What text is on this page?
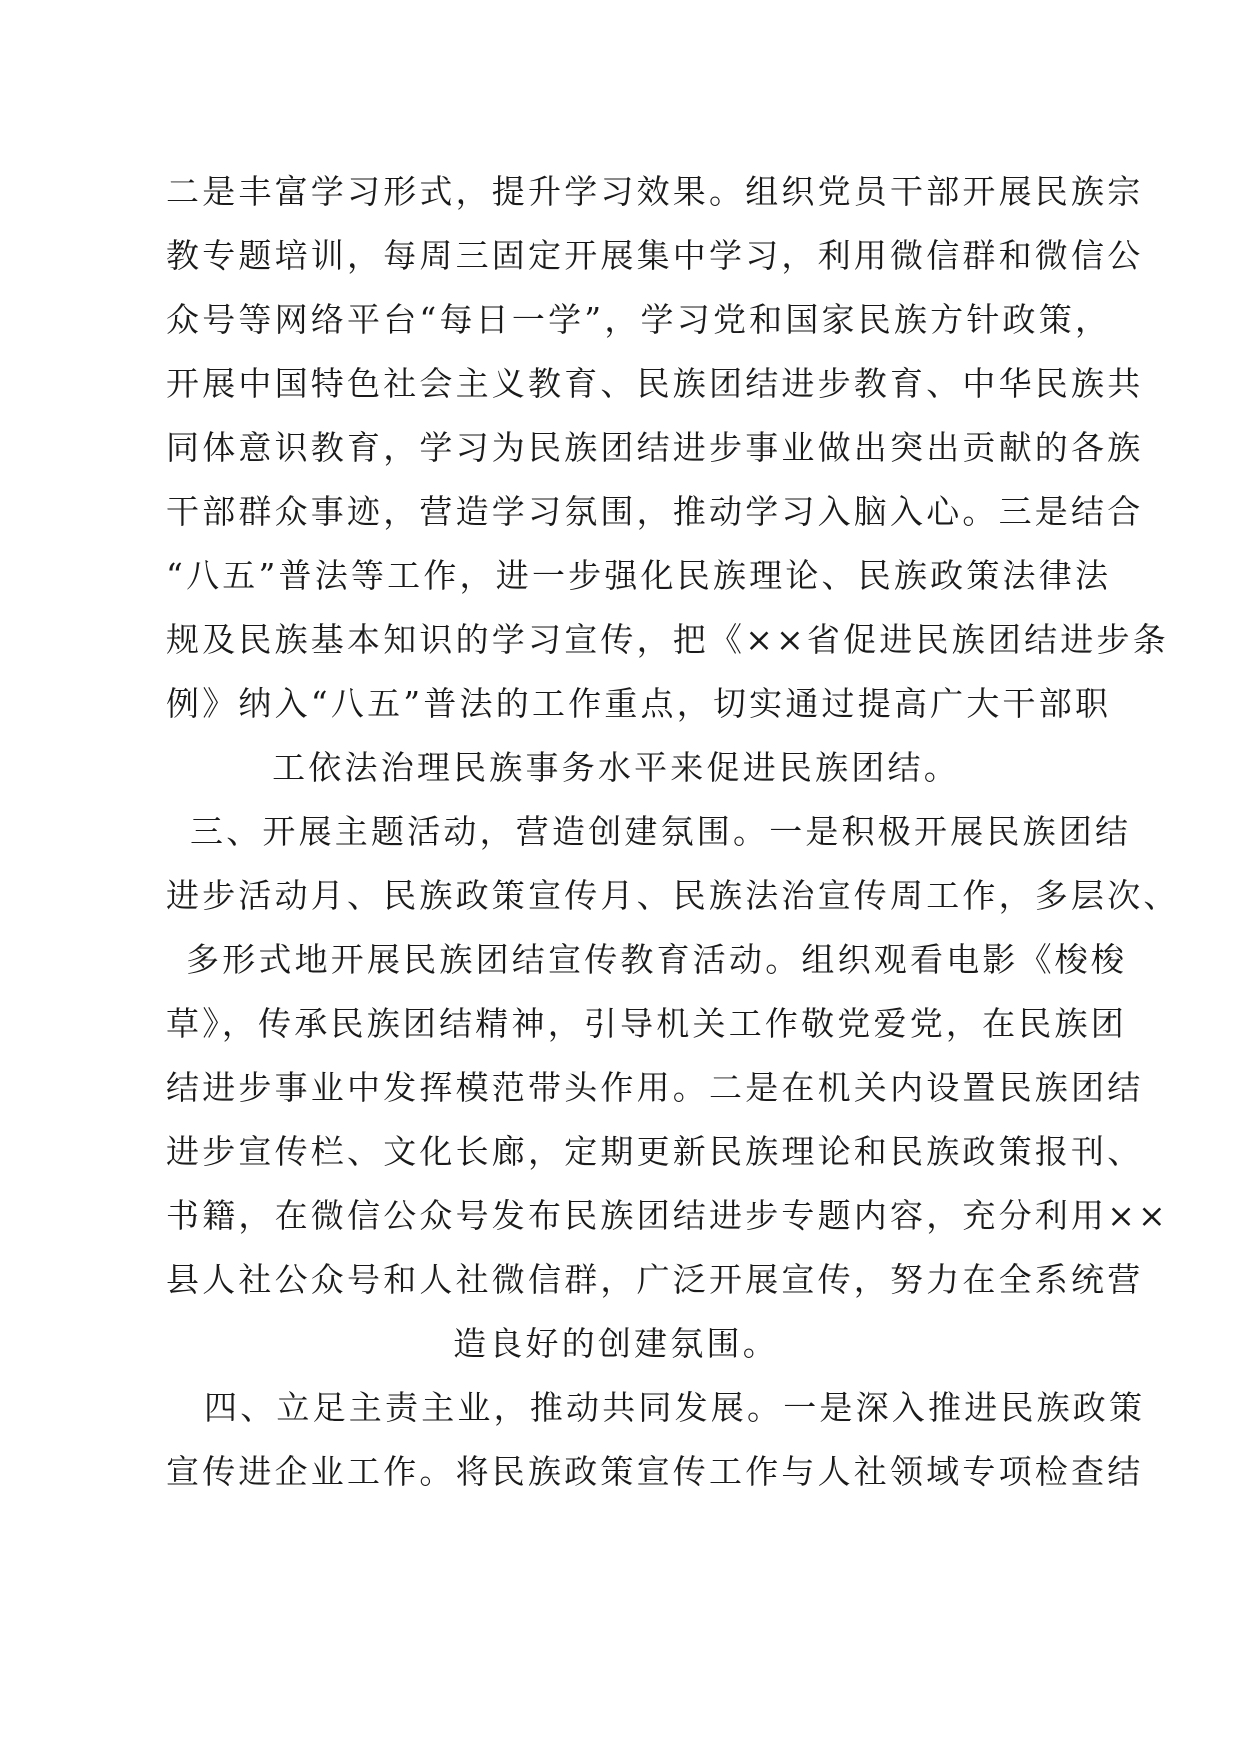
二是丰富学习形式，提升学习效果。组织党员干部开展民族宗
教专题培训，每周三固定开展集中学习，利用微信群和微信公
众号等网络平台“每日一学”，学习党和国家民族方针政策，
开展中国特色社会主义教育、民族团结进步教育、中华民族共
同体意识教育，学习为民族团结进步事业做出突出贡献的各族
干部群众事迹，营造学习氛围，推动学习入脑入心。三是结合
“八五”普法等工作，进一步强化民族理论、民族政策法律法
规及民族基本知识的学习宣传，把《××省促进民族团结进步条
例》纳入“八五”普法的工作重点，切实通过提高广大干部职
工依法治理民族事务水平来促进民族团结。
三、开展主题活动，营造创建氛围。一是积极开展民族团结
进步活动月、民族政策宣传月、民族法治宣传周工作，多层次、
多形式地开展民族团结宣传教育活动。组织观看电影《梭梭
草》，传承民族团结精神，引导机关工作敬党爱党，在民族团
结进步事业中发挥模范带头作用。二是在机关内设置民族团结
进步宣传栏、文化长廊，定期更新民族理论和民族政策报刊、
书籍，在微信公众号发布民族团结进步专题内容，充分利用××
县人社公众号和人社微信群，广泛开展宣传，努力在全系统营
造良好的创建氛围。
四、立足主责主业，推动共同发展。一是深入推进民族政策
宣传进企业工作。将民族政策宣传工作与人社领域专项检查结
